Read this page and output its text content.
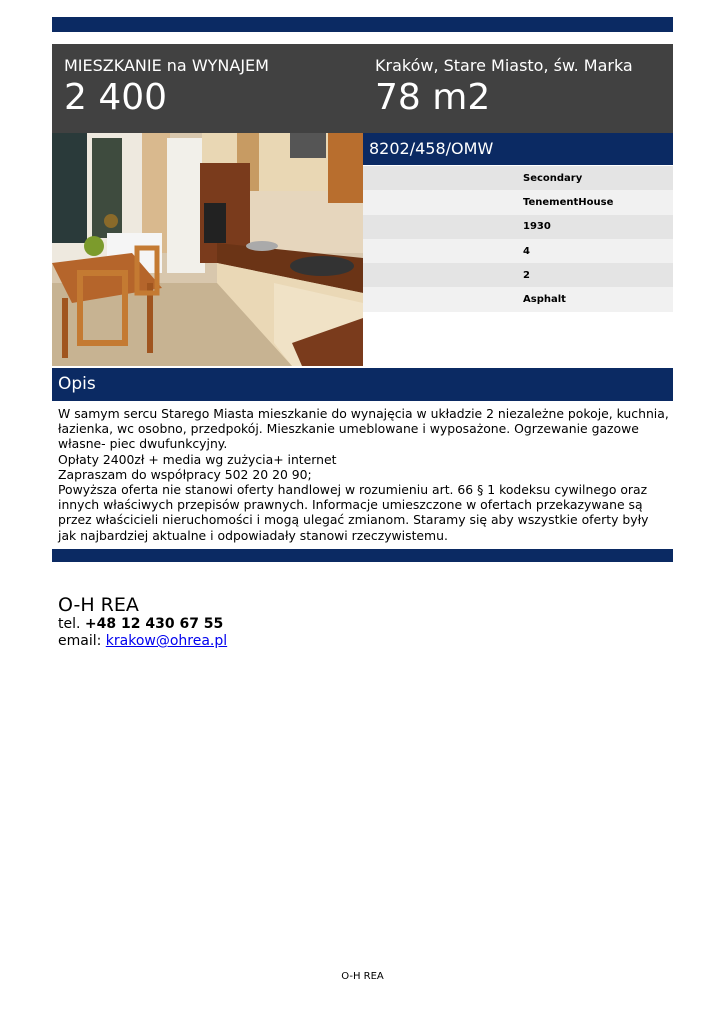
MIESZKANIE na WYNAJEM
2 400
Kraków, Stare Miasto, św. Marka
78 m2
8202/458/OMW
Secondary
TenementHouse
1930
4
2
Asphalt
Opis

W samym sercu Starego Miasta mieszkanie do wynajęcia w układzie 2 niezależne pokoje, kuchnia, łazienka, wc osobno, przedpokój. Mieszkanie umeblowane i wyposażone. Ogrzewanie gazowe własne- piec dwufunkcyjny.

Opłaty 2400zł + media wg zużycia+ internet

Zapraszam do współpracy 502 20 20 90;

Powyższa oferta nie stanowi oferty handlowej w rozumieniu art. 66 § 1 kodeksu cywilnego oraz innych właściwych przepisów prawnych. Informacje umieszczone w ofertach przekazywane są przez właścicieli nieruchomości i mogą ulegać zmianom. Staramy się aby wszystkie oferty były jak najbardziej aktualne i odpowiadały stanowi rzeczywistemu.

O-H REA
tel. +48 12 430 67 55
email: krakow@ohrea.pl
O-H REA
